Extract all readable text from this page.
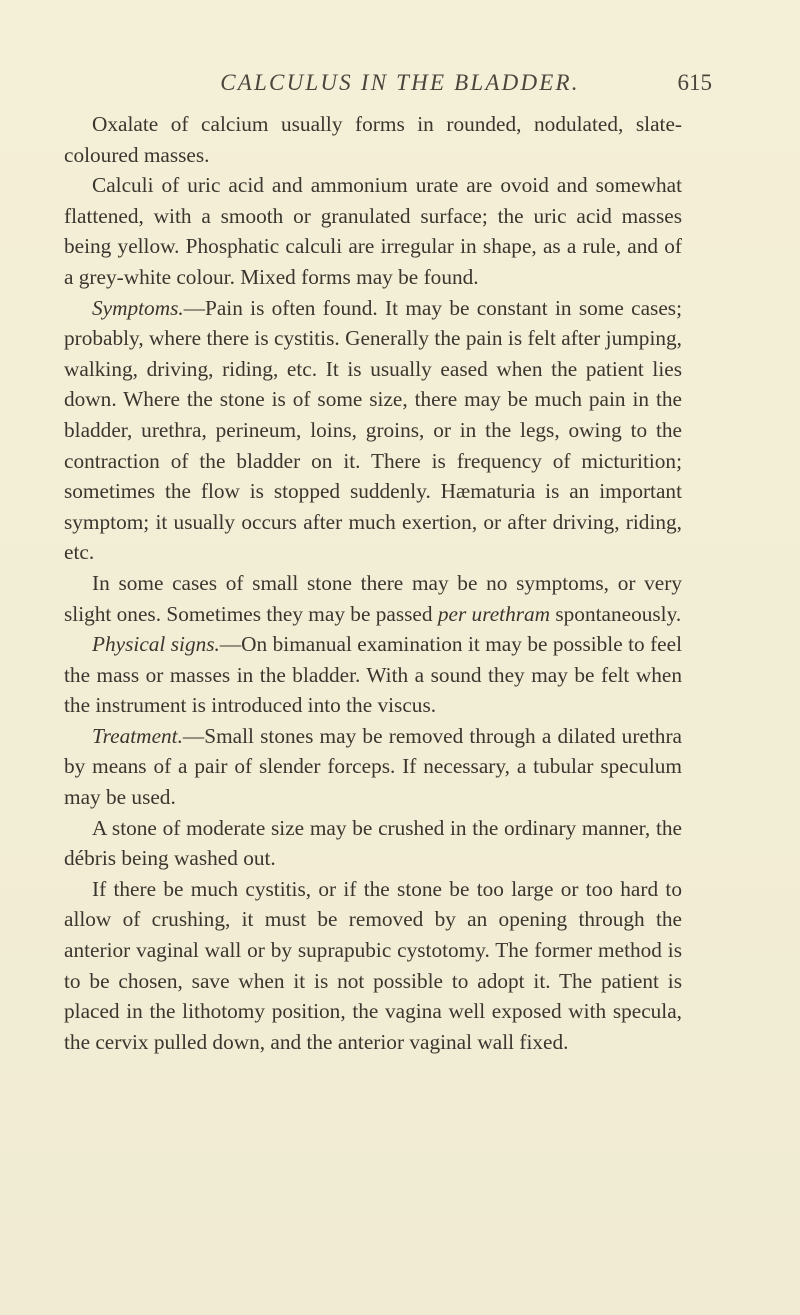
CALCULUS IN THE BLADDER.	615

Oxalate of calcium usually forms in rounded, nodulated, slate-coloured masses.

Calculi of uric acid and ammonium urate are ovoid and somewhat flattened, with a smooth or granulated surface; the uric acid masses being yellow. Phosphatic calculi are irregular in shape, as a rule, and of a grey-white colour. Mixed forms may be found.

Symptoms.—Pain is often found. It may be constant in some cases; probably, where there is cystitis. Generally the pain is felt after jumping, walking, driving, riding, etc. It is usually eased when the patient lies down. Where the stone is of some size, there may be much pain in the bladder, urethra, perineum, loins, groins, or in the legs, owing to the contraction of the bladder on it. There is frequency of micturition; sometimes the flow is stopped suddenly. Hæmaturia is an important symptom; it usually occurs after much exertion, or after driving, riding, etc.

In some cases of small stone there may be no symptoms, or very slight ones. Sometimes they may be passed per urethram spontaneously.

Physical signs.—On bimanual examination it may be possible to feel the mass or masses in the bladder. With a sound they may be felt when the instrument is introduced into the viscus.

Treatment.—Small stones may be removed through a dilated urethra by means of a pair of slender forceps. If necessary, a tubular speculum may be used.

A stone of moderate size may be crushed in the ordinary manner, the débris being washed out.

If there be much cystitis, or if the stone be too large or too hard to allow of crushing, it must be removed by an opening through the anterior vaginal wall or by suprapubic cystotomy. The former method is to be chosen, save when it is not possible to adopt it. The patient is placed in the lithotomy position, the vagina well exposed with specula, the cervix pulled down, and the anterior vaginal wall fixed.
